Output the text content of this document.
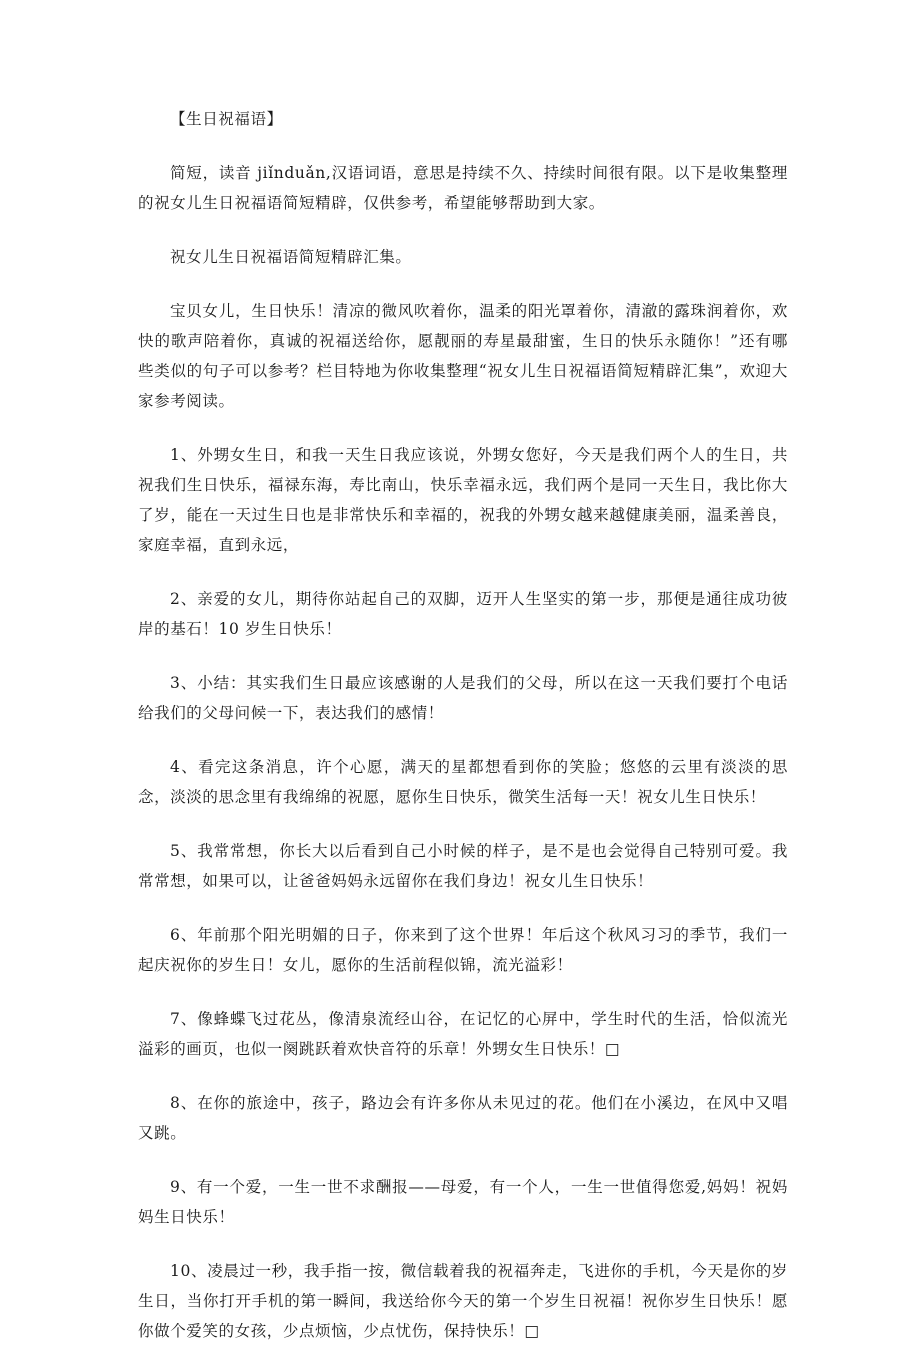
【生日祝福语】

简短，读音 jiǐnduǎn,汉语词语，意思是持续不久、持续时间很有限。以下是收集整理的祝女儿生日祝福语简短精辟，仅供参考，希望能够帮助到大家。

祝女儿生日祝福语简短精辟汇集。

宝贝女儿，生日快乐！清凉的微风吹着你，温柔的阳光罩着你，清澈的露珠润着你，欢快的歌声陪着你，真诚的祝福送给你，愿靓丽的寿星最甜蜜，生日的快乐永随你！”还有哪些类似的句子可以参考？栏目特地为你收集整理“祝女儿生日祝福语简短精辟汇集”，欢迎大家参考阅读。

1、外甥女生日，和我一天生日我应该说，外甥女您好，今天是我们两个人的生日，共祝我们生日快乐，福禄东海，寿比南山，快乐幸福永远，我们两个是同一天生日，我比你大了岁，能在一天过生日也是非常快乐和幸福的，祝我的外甥女越来越健康美丽，温柔善良，家庭幸福，直到永远，

2、亲爱的女儿，期待你站起自己的双脚，迈开人生坚实的第一步，那便是通往成功彼岸的基石！10 岁生日快乐！

3、小结：其实我们生日最应该感谢的人是我们的父母，所以在这一天我们要打个电话给我们的父母问候一下，表达我们的感情！

4、看完这条消息，许个心愿，满天的星都想看到你的笑脸；悠悠的云里有淡淡的思念，淡淡的思念里有我绵绵的祝愿，愿你生日快乐，微笑生活每一天！祝女儿生日快乐！

5、我常常想，你长大以后看到自己小时候的样子，是不是也会觉得自己特别可爱。我常常想，如果可以，让爸爸妈妈永远留你在我们身边！祝女儿生日快乐！

6、年前那个阳光明媚的日子，你来到了这个世界！年后这个秋风习习的季节，我们一起庆祝你的岁生日！女儿，愿你的生活前程似锦，流光溢彩！

7、像蜂蝶飞过花丛，像清泉流经山谷，在记忆的心屏中，学生时代的生活，恰似流光溢彩的画页，也似一阕跳跃着欢快音符的乐章！外甥女生日快乐！□

8、在你的旅途中，孩子，路边会有许多你从未见过的花。他们在小溪边，在风中又唱又跳。

9、有一个爱，一生一世不求酬报——母爱，有一个人，一生一世值得您爱,妈妈！祝妈妈生日快乐！

10、凌晨过一秒，我手指一按，微信载着我的祝福奔走，飞进你的手机，今天是你的岁生日，当你打开手机的第一瞬间，我送给你今天的第一个岁生日祝福！祝你岁生日快乐！愿你做个爱笑的女孩，少点烦恼，少点忧伤，保持快乐！□
